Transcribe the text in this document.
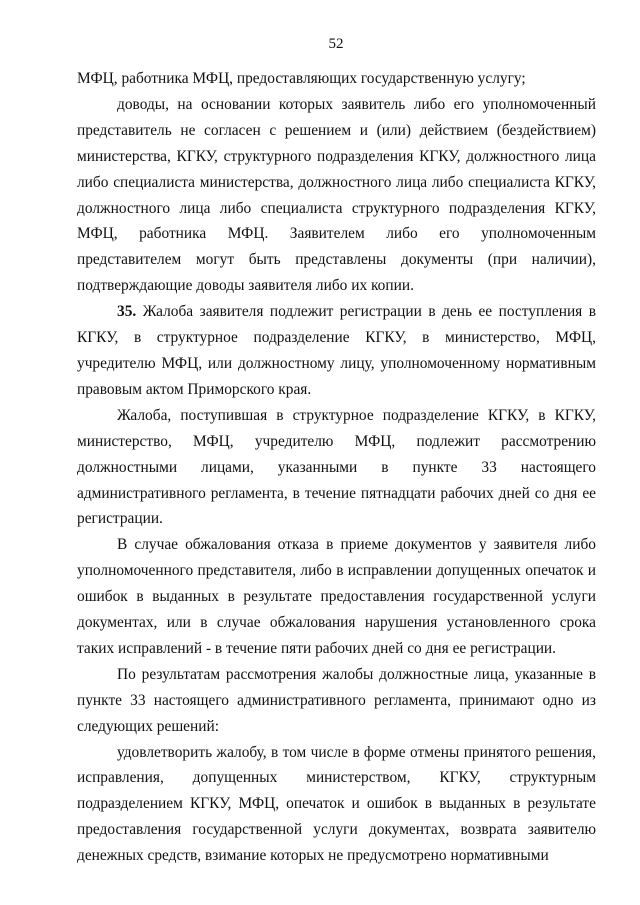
52

МФЦ, работника МФЦ, предоставляющих государственную услугу;

доводы, на основании которых заявитель либо его уполномоченный представитель не согласен с решением и (или) действием (бездействием) министерства, КГКУ, структурного подразделения КГКУ, должностного лица либо специалиста министерства, должностного лица либо специалиста КГКУ, должностного лица либо специалиста структурного подразделения КГКУ, МФЦ, работника МФЦ. Заявителем либо его уполномоченным представителем могут быть представлены документы (при наличии), подтверждающие доводы заявителя либо их копии.

35. Жалоба заявителя подлежит регистрации в день ее поступления в КГКУ, в структурное подразделение КГКУ, в министерство, МФЦ, учредителю МФЦ, или должностному лицу, уполномоченному нормативным правовым актом Приморского края.

Жалоба, поступившая в структурное подразделение КГКУ, в КГКУ, министерство, МФЦ, учредителю МФЦ, подлежит рассмотрению должностными лицами, указанными в пункте 33 настоящего административного регламента, в течение пятнадцати рабочих дней со дня ее регистрации.

В случае обжалования отказа в приеме документов у заявителя либо уполномоченного представителя, либо в исправлении допущенных опечаток и ошибок в выданных в результате предоставления государственной услуги документах, или в случае обжалования нарушения установленного срока таких исправлений - в течение пяти рабочих дней со дня ее регистрации.

По результатам рассмотрения жалобы должностные лица, указанные в пункте 33 настоящего административного регламента, принимают одно из следующих решений:

удовлетворить жалобу, в том числе в форме отмены принятого решения, исправления, допущенных министерством, КГКУ, структурным подразделением КГКУ, МФЦ, опечаток и ошибок в выданных в результате предоставления государственной услуги документах, возврата заявителю денежных средств, взимание которых не предусмотрено нормативными
